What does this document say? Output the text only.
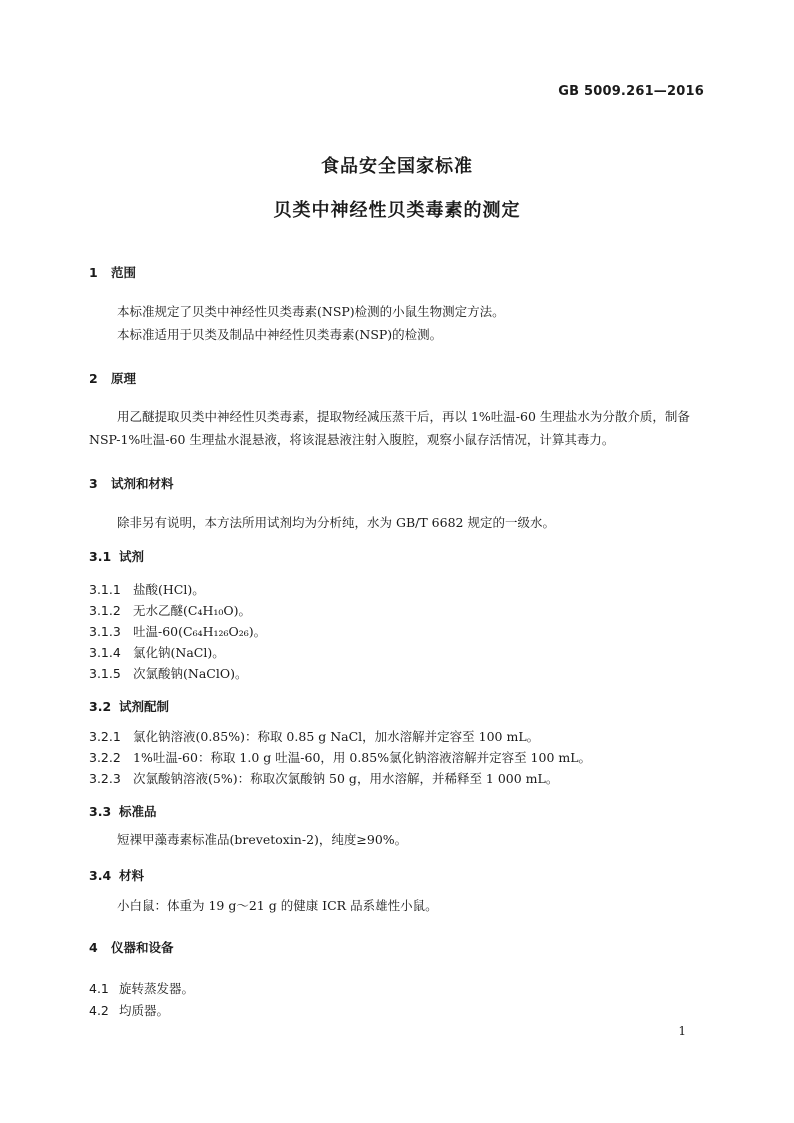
GB 5009.261—2016
食品安全国家标准
贝类中神经性贝类毒素的测定
1 范围
本标准规定了贝类中神经性贝类毒素(NSP)检测的小鼠生物测定方法。
本标准适用于贝类及制品中神经性贝类毒素(NSP)的检测。
2 原理
用乙醚提取贝类中神经性贝类毒素，提取物经减压蒸干后，再以 1%吐温-60 生理盐水为分散介质，制备 NSP-1%吐温-60 生理盐水混悬液，将该混悬液注射入腹腔，观察小鼠存活情况，计算其毒力。
3 试剂和材料
除非另有说明，本方法所用试剂均为分析纯，水为 GB/T 6682 规定的一级水。
3.1 试剂
3.1.1 盐酸(HCl)。
3.1.2 无水乙醚(C₄H₁₀O)。
3.1.3 吐温-60(C₆₄H₁₂₆O₂₆)。
3.1.4 氯化钠(NaCl)。
3.1.5 次氯酸钠(NaClO)。
3.2 试剂配制
3.2.1 氯化钠溶液(0.85%)：称取 0.85 g NaCl，加水溶解并定容至 100 mL。
3.2.2 1%吐温-60：称取 1.0 g 吐温-60，用 0.85%氯化钠溶液溶解并定容至 100 mL。
3.2.3 次氯酸钠溶液(5%)：称取次氯酸钠 50 g，用水溶解，并稀释至 1 000 mL。
3.3 标准品
短裸甲藻毒素标准品(brevetoxin-2)，纯度≥90%。
3.4 材料
小白鼠：体重为 19 g～21 g 的健康 ICR 品系雄性小鼠。
4 仪器和设备
4.1 旋转蒸发器。
4.2 均质器。
1
